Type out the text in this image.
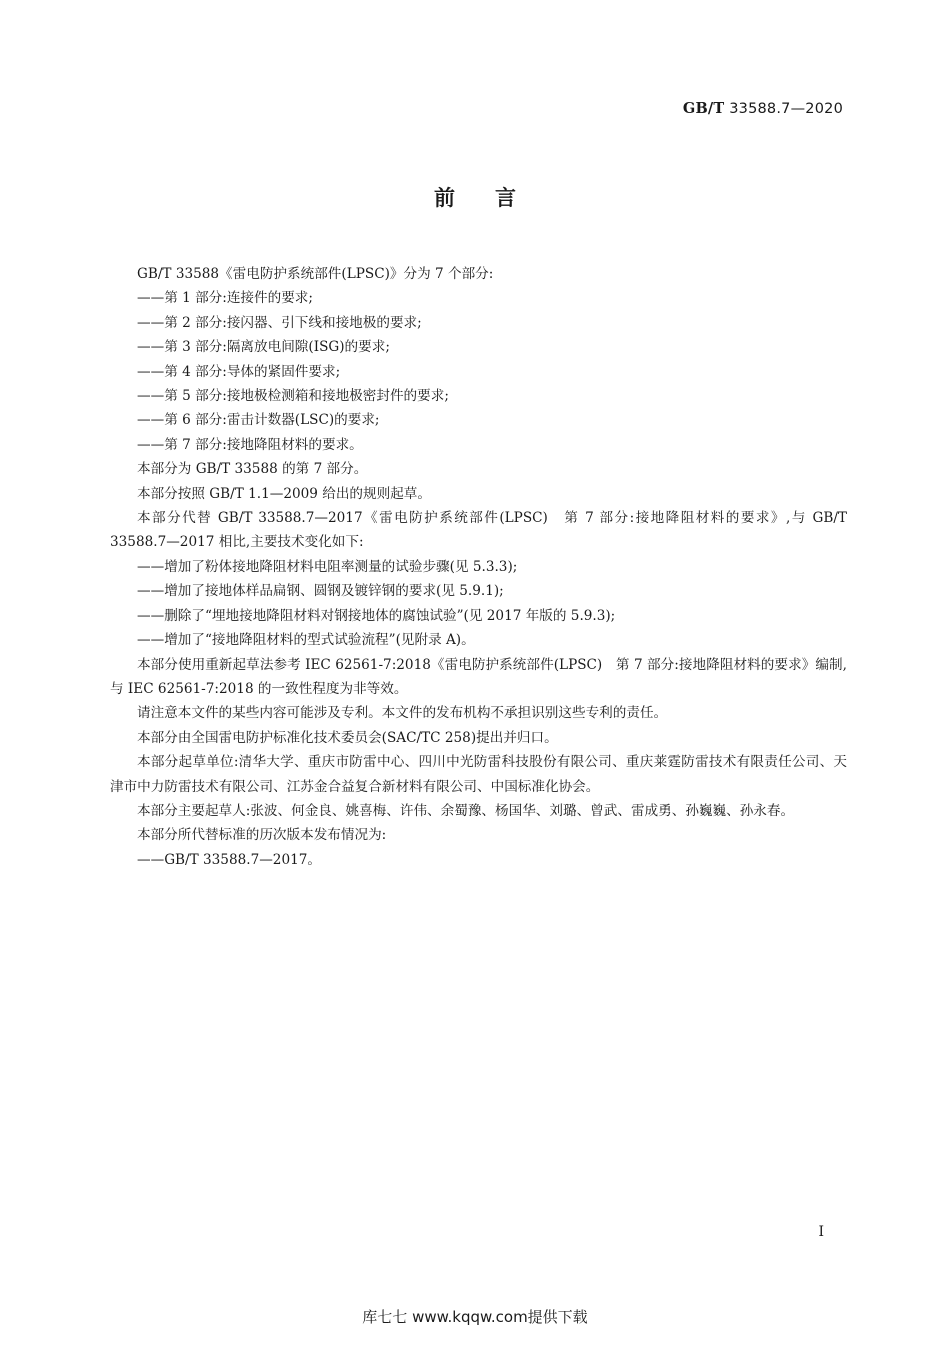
GB/T 33588.7—2020
前言

GB/T 33588《雷电防护系统部件(LPSC)》分为 7 个部分:

——第 1 部分:连接件的要求;

——第 2 部分:接闪器、引下线和接地极的要求;

——第 3 部分:隔离放电间隙(ISG)的要求;

——第 4 部分:导体的紧固件要求;

——第 5 部分:接地极检测箱和接地极密封件的要求;

——第 6 部分:雷击计数器(LSC)的要求;

——第 7 部分:接地降阻材料的要求。

本部分为 GB/T 33588 的第 7 部分。

本部分按照 GB/T 1.1—2009 给出的规则起草。

本部分代替 GB/T 33588.7—2017《雷电防护系统部件(LPSC)　第 7 部分:接地降阻材料的要求》,与 GB/T 33588.7—2017 相比,主要技术变化如下:

——增加了粉体接地降阻材料电阻率测量的试验步骤(见 5.3.3);

——增加了接地体样品扁钢、圆钢及镀锌钢的要求(见 5.9.1);

——删除了“埋地接地降阻材料对钢接地体的腐蚀试验”(见 2017 年版的 5.9.3);

——增加了“接地降阻材料的型式试验流程”(见附录 A)。

本部分使用重新起草法参考 IEC 62561-7:2018《雷电防护系统部件(LPSC)　第 7 部分:接地降阻材料的要求》编制,与 IEC 62561-7:2018 的一致性程度为非等效。

请注意本文件的某些内容可能涉及专利。本文件的发布机构不承担识别这些专利的责任。

本部分由全国雷电防护标准化技术委员会(SAC/TC 258)提出并归口。

本部分起草单位:清华大学、重庆市防雷中心、四川中光防雷科技股份有限公司、重庆莱霆防雷技术有限责任公司、天津市中力防雷技术有限公司、江苏金合益复合新材料有限公司、中国标准化协会。

本部分主要起草人:张波、何金良、姚喜梅、许伟、余蜀豫、杨国华、刘璐、曾武、雷成勇、孙巍巍、孙永春。

本部分所代替标准的历次版本发布情况为:

——GB/T 33588.7—2017。

I
库七七 www.kqqw.com提供下载
